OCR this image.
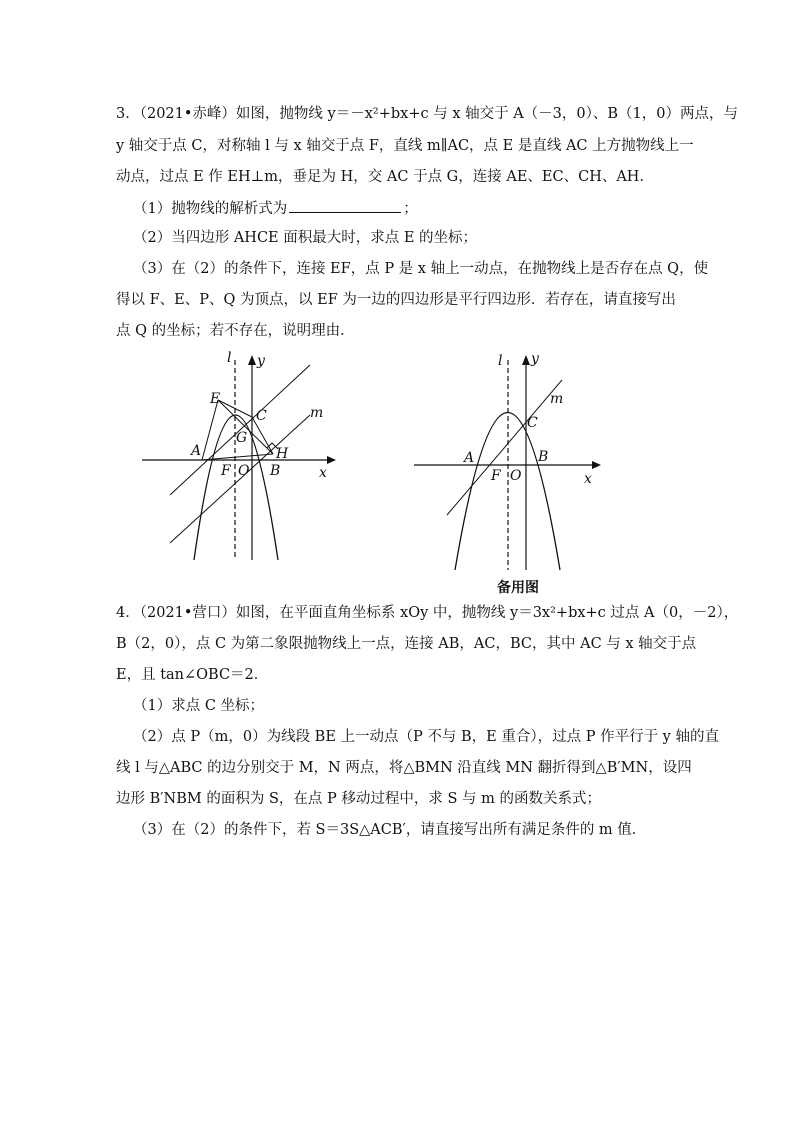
3．（2021•赤峰）如图，抛物线 y＝－x²+bx+c 与 x 轴交于 A（－3，0）、B（1，0）两点，与
y 轴交于点 C，对称轴 l 与 x 轴交于点 F，直线 m∥AC，点 E 是直线 AC 上方抛物线上一
动点，过点 E 作 EH⊥m，垂足为 H，交 AC 于点 G，连接 AE、EC、CH、AH．
（1）抛物线的解析式为	；
（2）当四边形 AHCE 面积最大时，求点 E 的坐标；
（3）在（2）的条件下，连接 EF，点 P 是 x 轴上一动点，在抛物线上是否存在点 Q，使
得以 F、E、P、Q 为顶点，以 EF 为一边的四边形是平行四边形．若存在，请直接写出
点 Q 的坐标；若不存在，说明理由．
l y
x
m
E
C
G
H
A
F O B
l y
x
m
C
A
F O
B
备用图
4．（2021•营口）如图，在平面直角坐标系 xOy 中，抛物线 y＝3x²+bx+c 过点 A（0，－2），
B（2，0），点 C 为第二象限抛物线上一点，连接 AB，AC，BC，其中 AC 与 x 轴交于点
E，且 tan∠OBC＝2．
（1）求点 C 坐标；
（2）点 P（m，0）为线段 BE 上一动点（P 不与 B，E 重合），过点 P 作平行于 y 轴的直
线 l 与△ABC 的边分别交于 M，N 两点，将△BMN 沿直线 MN 翻折得到△B′MN，设四
边形 B′NBM 的面积为 S，在点 P 移动过程中，求 S 与 m 的函数关系式；
（3）在（2）的条件下，若 S＝3S△ACB′，请直接写出所有满足条件的 m 值．
